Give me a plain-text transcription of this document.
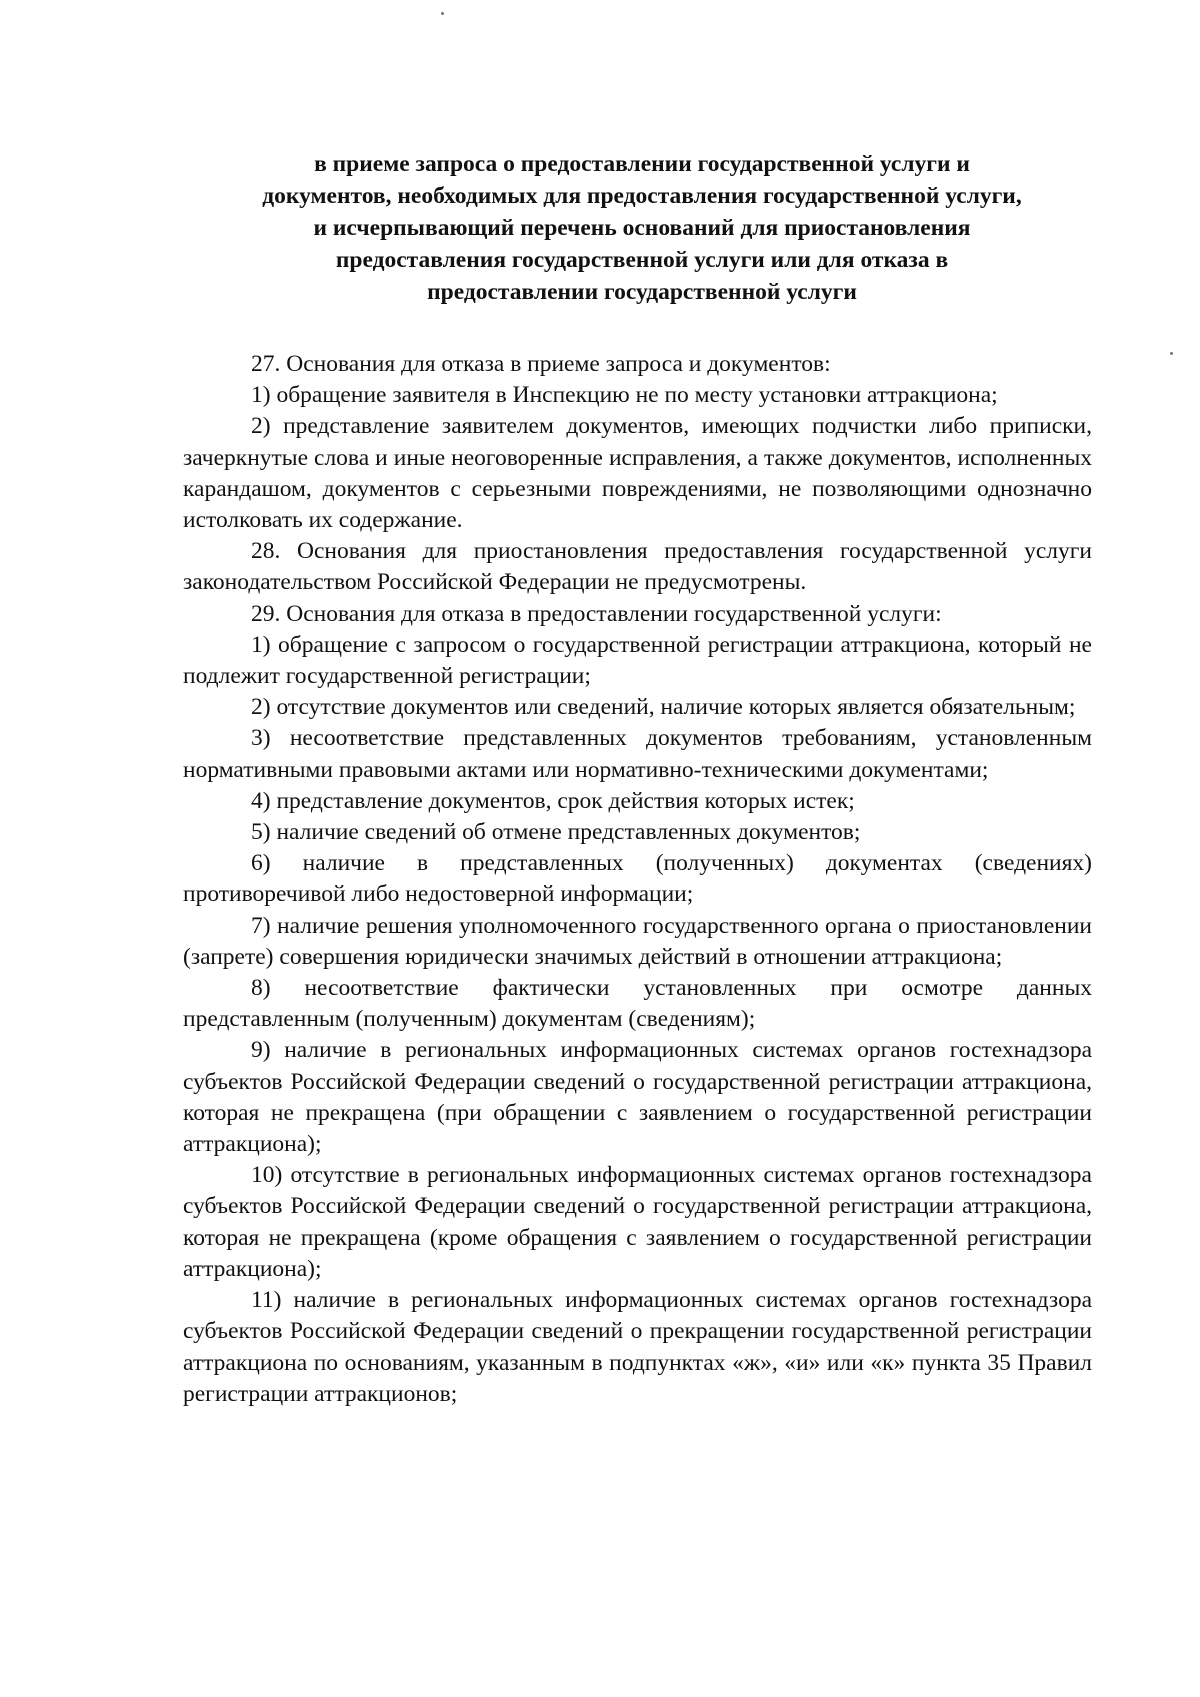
в приеме запроса о предоставлении государственной услуги и
документов, необходимых для предоставления государственной услуги,
и исчерпывающий перечень оснований для приостановления
предоставления государственной услуги или для отказа в
предоставлении государственной услуги

27. Основания для отказа в приеме запроса и документов:

1) обращение заявителя в Инспекцию не по месту установки аттракциона;

2) представление заявителем документов, имеющих подчистки либо приписки, зачеркнутые слова и иные неоговоренные исправления, а также документов, исполненных карандашом, документов с серьезными повреждениями, не позволяющими однозначно истолковать их содержание.

28. Основания для приостановления предоставления государственной услуги законодательством Российской Федерации не предусмотрены.

29. Основания для отказа в предоставлении государственной услуги:

1) обращение с запросом о государственной регистрации аттракциона, который не подлежит государственной регистрации;

2) отсутствие документов или сведений, наличие которых является обязательным;

3) несоответствие представленных документов требованиям, установленным нормативными правовыми актами или нормативно-техническими документами;

4) представление документов, срок действия которых истек;

5) наличие сведений об отмене представленных документов;

6) наличие в представленных (полученных) документах (сведениях) противоречивой либо недостоверной информации;

7) наличие решения уполномоченного государственного органа о приостановлении (запрете) совершения юридически значимых действий в отношении аттракциона;

8) несоответствие фактически установленных при осмотре данных представленным (полученным) документам (сведениям);

9) наличие в региональных информационных системах органов гостехнадзора субъектов Российской Федерации сведений о государственной регистрации аттракциона, которая не прекращена (при обращении с заявлением о государственной регистрации аттракциона);

10) отсутствие в региональных информационных системах органов гостехнадзора субъектов Российской Федерации сведений о государственной регистрации аттракциона, которая не прекращена (кроме обращения с заявлением о государственной регистрации аттракциона);

11) наличие в региональных информационных системах органов гостехнадзора субъектов Российской Федерации сведений о прекращении государственной регистрации аттракциона по основаниям, указанным в подпунктах «ж», «и» или «к» пункта 35 Правил регистрации аттракционов;
